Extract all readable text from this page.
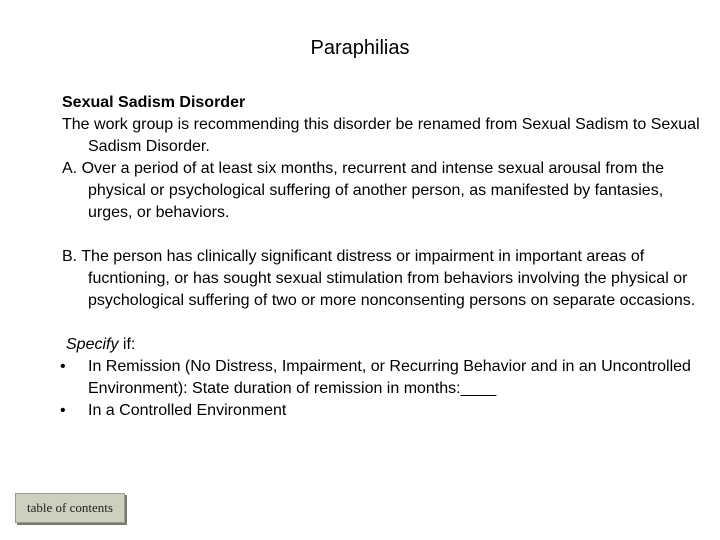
Paraphilias
Sexual Sadism Disorder
The work group is recommending this disorder be renamed from Sexual Sadism to Sexual Sadism Disorder.
A. Over a period of at least six months, recurrent and intense sexual arousal from the physical or psychological suffering of another person, as manifested by fantasies, urges, or behaviors.
B. The person has clinically significant distress or impairment in important areas of fucntioning, or has sought sexual stimulation from behaviors involving the physical or psychological suffering of two or more nonconsenting persons on separate occasions.
Specify if:
• In Remission (No Distress, Impairment, or Recurring Behavior and in an Uncontrolled Environment): State duration of remission in months:____
• In a Controlled Environment
table of contents
